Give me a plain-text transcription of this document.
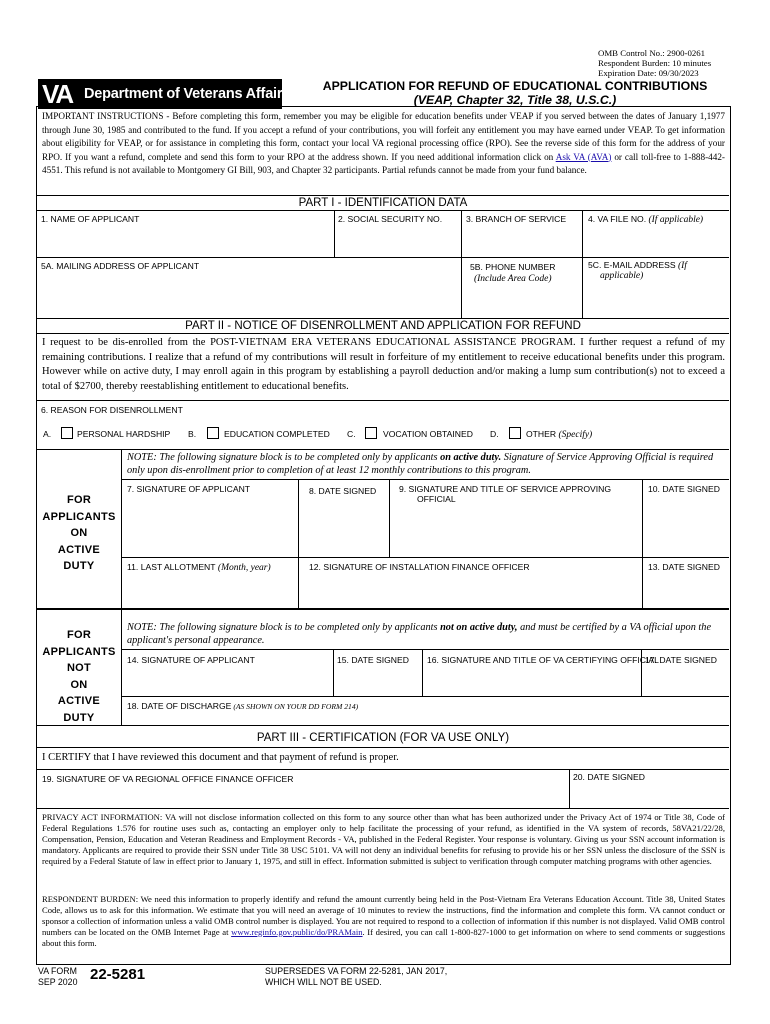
OMB Control No.: 2900-0261
Respondent Burden: 10 minutes
Expiration Date: 09/30/2023
VA Department of Veterans Affairs	APPLICATION FOR REFUND OF EDUCATIONAL CONTRIBUTIONS
(VEAP, Chapter 32, Title 38, U.S.C.)
IMPORTANT INSTRUCTIONS - Before completing this form, remember you may be eligible for education benefits under VEAP if you served between the dates of January 1,1977 through June 30, 1985 and contributed to the fund. If you accept a refund of your contributions, you will forfeit any entitlement you may have earned under VEAP. To get information about eligibility for VEAP, or for assistance in completing this form, contact your local VA regional processing office (RPO). See the reverse side of this form for the address of your RPO. If you want a refund, complete and send this form to your RPO at the address shown. If you need additional information click on Ask VA (AVA) or call toll-free to 1-888-442-4551. This refund is not available to Montgomery GI Bill, 903, and Chapter 32 participants. Partial refunds cannot be made from your fund balance.
PART I - IDENTIFICATION DATA
1. NAME OF APPLICANT	2. SOCIAL SECURITY NO.	3. BRANCH OF SERVICE	4. VA FILE NO. (If applicable)
5A. MAILING ADDRESS OF APPLICANT	5B. PHONE NUMBER
(Include Area Code)
5C. E-MAIL ADDRESS (If
applicable)
PART II - NOTICE OF DISENROLLMENT AND APPLICATION FOR REFUND
I request to be dis-enrolled from the POST-VIETNAM ERA VETERANS EDUCATIONAL ASSISTANCE PROGRAM. I further request a refund of my remaining contributions. I realize that a refund of my contributions will result in forfeiture of my entitlement to receive educational benefits under this program. However while on active duty, I may enroll again in this program by establishing a payroll deduction and/or making a lump sum contribution(s) not to exceed a total of $2700, thereby reestablishing entitlement to educational benefits.
6. REASON FOR DISENROLLMENT
A.	PERSONAL HARDSHIP B.	EDUCATION COMPLETED C.	VOCATION OBTAINED D.	OTHER (Specify)
FOR
APPLICANTS
ON
ACTIVE
DUTY
NOTE: The following signature block is to be completed only by applicants on active duty. Signature of Service Approving Official is required only upon dis-enrollment prior to completion of at least 12 monthly contributions to this program.
7. SIGNATURE OF APPLICANT	8. DATE SIGNED	9. SIGNATURE AND TITLE OF SERVICE APPROVING
OFFICIAL
10. DATE SIGNED
11. LAST ALLOTMENT (Month, year)	12. SIGNATURE OF INSTALLATION FINANCE OFFICER	13. DATE SIGNED
FOR
APPLICANTS
NOT
ON
ACTIVE
DUTY
NOTE: The following signature block is to be completed only by applicants not on active duty, and must be certified by a VA official upon the applicant's personal appearance.
14. SIGNATURE OF APPLICANT	15. DATE SIGNED 16. SIGNATURE AND TITLE OF VA CERTIFYING OFFICIAL
17. DATE SIGNED
18. DATE OF DISCHARGE (AS SHOWN ON YOUR DD FORM 214)
PART III - CERTIFICATION (FOR VA USE ONLY)
I CERTIFY that I have reviewed this document and that payment of refund is proper.
19. SIGNATURE OF VA REGIONAL OFFICE FINANCE OFFICER	20. DATE SIGNED
PRIVACY ACT INFORMATION: VA will not disclose information collected on this form to any source other than what has been authorized under the Privacy Act of 1974 or Title 38, Code of Federal Regulations 1.576 for routine uses such as, contacting an employer only to help facilitate the processing of your refund, as identified in the VA system of records, 58VA21/22/28, Compensation, Pension, Education and Veteran Readiness and Employment Records - VA, published in the Federal Register. Your response is voluntary. Giving us your SSN account information is mandatory. Applicants are required to provide their SSN under Title 38 USC 5101. VA will not deny an individual benefits for refusing to provide his or her SSN unless the disclosure of the SSN is required by a Federal Statute of law in effect prior to January 1, 1975, and still in effect. Information submitted is subject to verification through computer matching programs with other agencies.
RESPONDENT BURDEN: We need this information to properly identify and refund the amount currently being held in the Post-Vietnam Era Veterans Education Account. Title 38, United States Code, allows us to ask for this information. We estimate that you will need an average of 10 minutes to review the instructions, find the information and complete this form. VA cannot conduct or sponsor a collection of information unless a valid OMB control number is displayed. You are not required to respond to a collection of information if this number is not displayed. Valid OMB control numbers can be located on the OMB Internet Page at www.reginfo.gov.public/do/PRAMain. If desired, you can call 1-800-827-1000 to get information on where to send comments or suggestions about this form.
VA FORM
SEP 2020 22-5281	SUPERSEDES VA FORM 22-5281, JAN 2017,
WHICH WILL NOT BE USED.
